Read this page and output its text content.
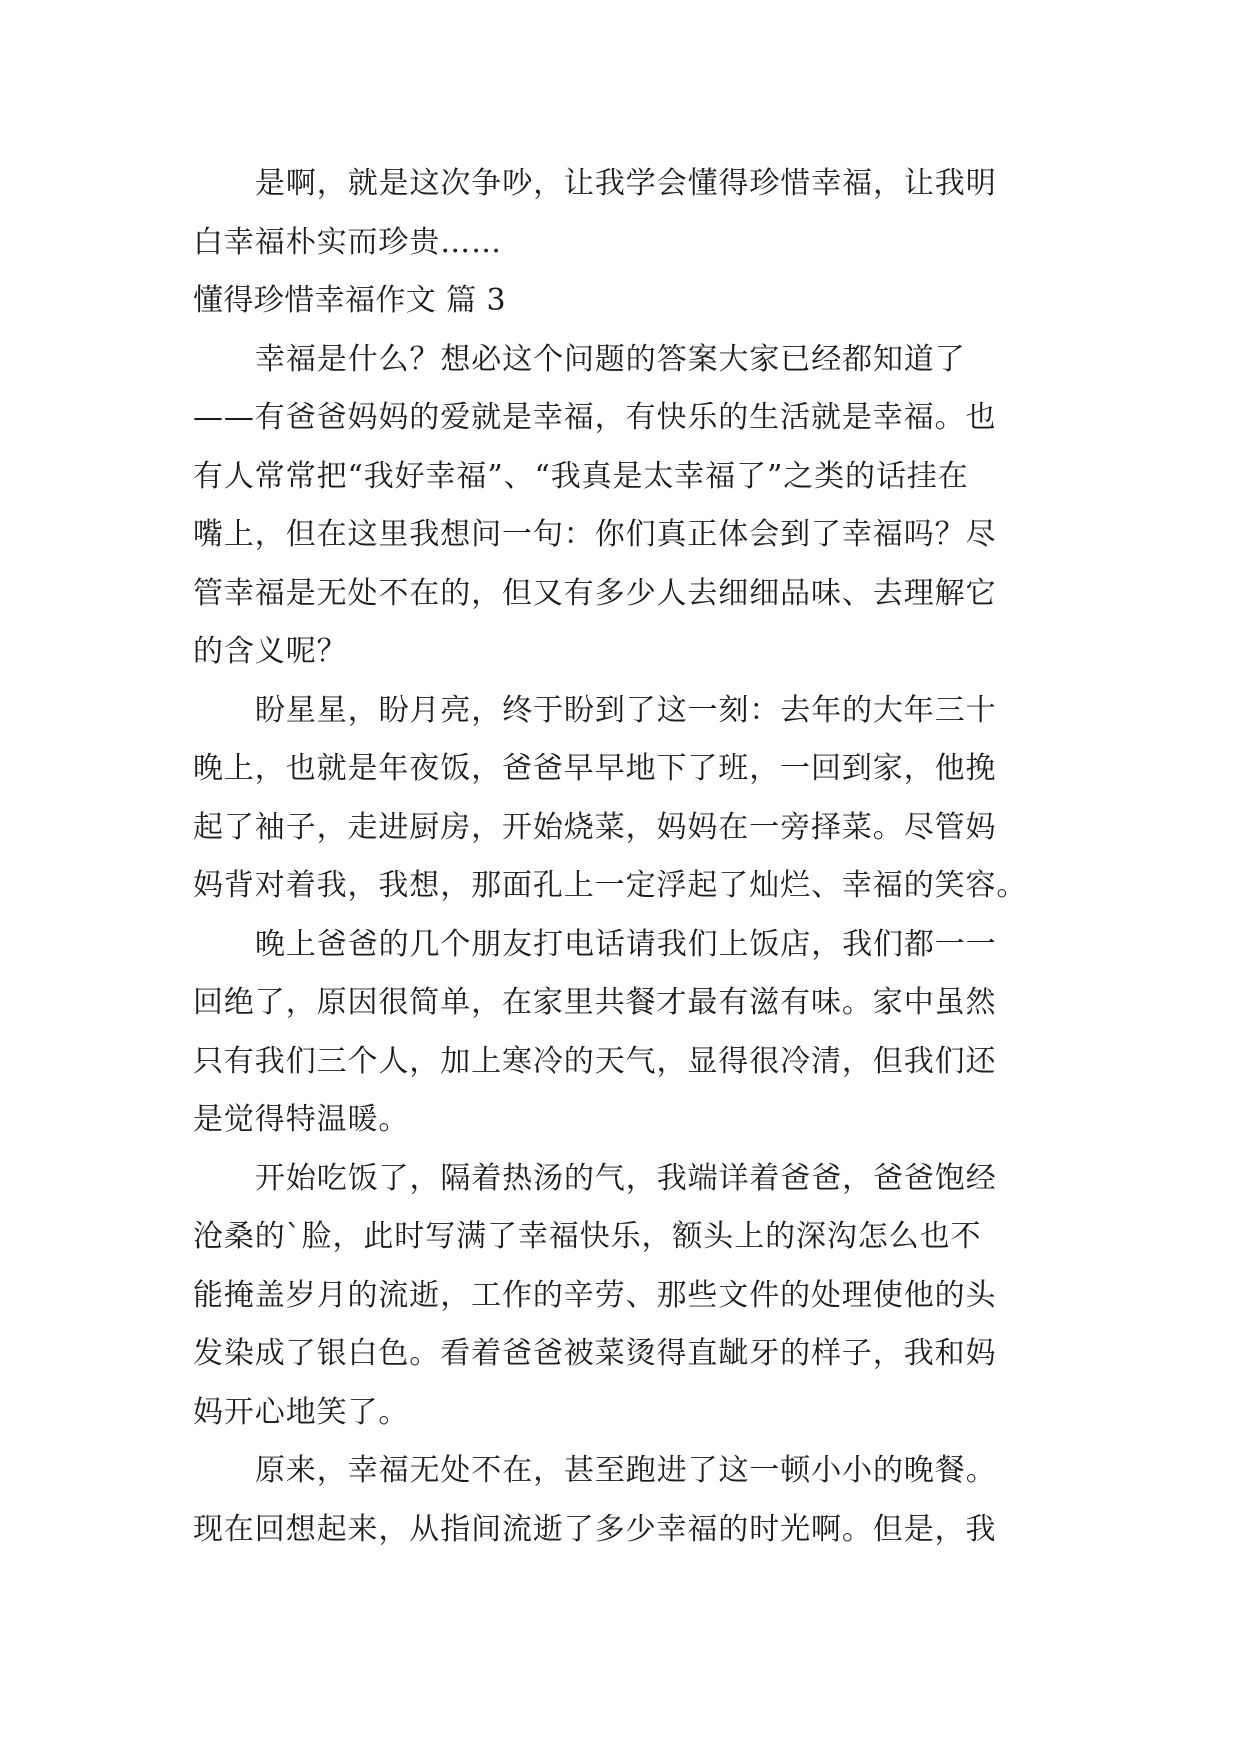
是啊，就是这次争吵，让我学会懂得珍惜幸福，让我明
白幸福朴实而珍贵……
懂得珍惜幸福作文 篇 3
幸福是什么？想必这个问题的答案大家已经都知道了
——有爸爸妈妈的爱就是幸福，有快乐的生活就是幸福。也
有人常常把“我好幸福”、“我真是太幸福了”之类的话挂在
嘴上，但在这里我想问一句：你们真正体会到了幸福吗？尽
管幸福是无处不在的，但又有多少人去细细品味、去理解它
的含义呢？
盼星星，盼月亮，终于盼到了这一刻：去年的大年三十
晚上，也就是年夜饭，爸爸早早地下了班，一回到家，他挽
起了袖子，走进厨房，开始烧菜，妈妈在一旁择菜。尽管妈
妈背对着我，我想，那面孔上一定浮起了灿烂、幸福的笑容。
晚上爸爸的几个朋友打电话请我们上饭店，我们都一一
回绝了，原因很简单，在家里共餐才最有滋有味。家中虽然
只有我们三个人，加上寒冷的天气，显得很冷清，但我们还
是觉得特温暖。
开始吃饭了，隔着热汤的气，我端详着爸爸，爸爸饱经
沧桑的`脸，此时写满了幸福快乐，额头上的深沟怎么也不
能掩盖岁月的流逝，工作的辛劳、那些文件的处理使他的头
发染成了银白色。看着爸爸被菜烫得直龇牙的样子，我和妈
妈开心地笑了。
原来，幸福无处不在，甚至跑进了这一顿小小的晚餐。
现在回想起来，从指间流逝了多少幸福的时光啊。但是，我
